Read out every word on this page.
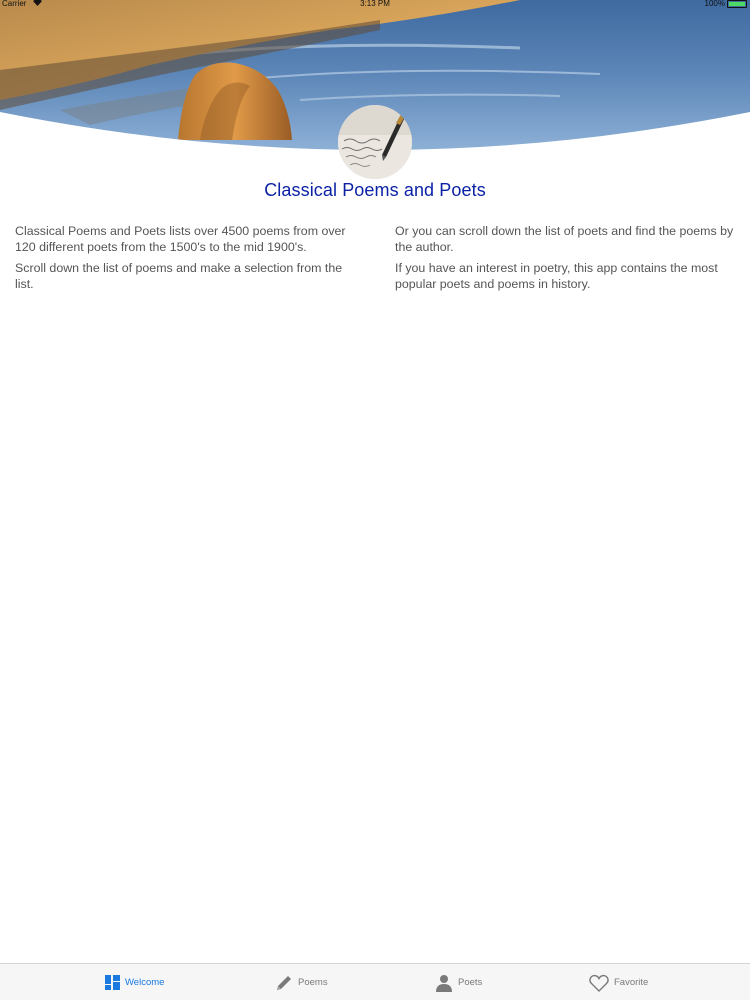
Carrier	3:13 PM	100%
Classical Poems and Poets

Classical Poems and Poets lists over 4500 poems from over 120 different poets from the 1500's to the mid 1900's.

Scroll down the list of poems and make a selection from the list.

Or you can scroll down the list of poets and find the poems by the author.

If you have an interest in poetry, this app contains the most popular poets and poems in history.

Welcome	Poems	Poets	Favorite
